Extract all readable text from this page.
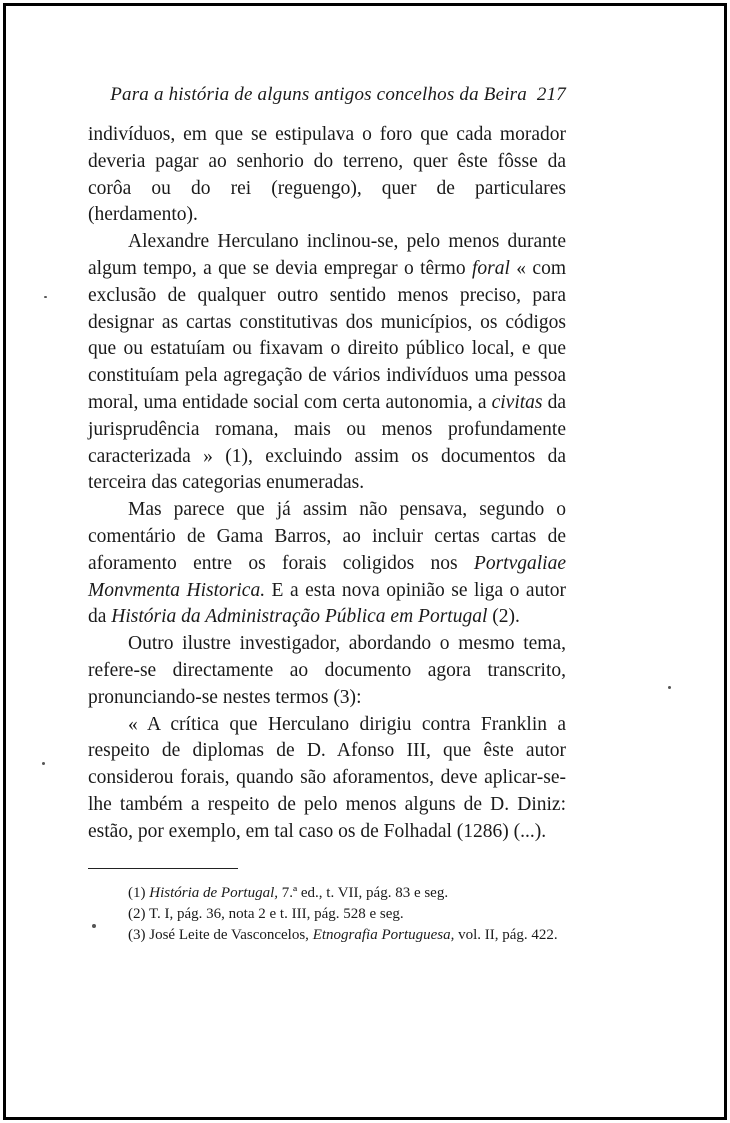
Para a história de alguns antigos concelhos da Beira 217

indivíduos, em que se estipulava o foro que cada morador deveria pagar ao senhorio do terreno, quer êste fôsse da corôa ou do rei (reguengo), quer de particulares (herdamento).

Alexandre Herculano inclinou-se, pelo menos durante algum tempo, a que se devia empregar o têrmo foral « com exclusão de qualquer outro sentido menos preciso, para designar as cartas constitutivas dos municípios, os códigos que ou estatuíam ou fixavam o direito público local, e que constituíam pela agregação de vários indivíduos uma pessoa moral, uma entidade social com certa autonomia, a civitas da jurisprudência romana, mais ou menos profundamente caracterizada » (1), excluindo assim os documentos da terceira das categorias enumeradas.

Mas parece que já assim não pensava, segundo o comentário de Gama Barros, ao incluir certas cartas de aforamento entre os forais coligidos nos Portvgaliae Monvmenta Historica. E a esta nova opinião se liga o autor da História da Administração Pública em Portugal (2).

Outro ilustre investigador, abordando o mesmo tema, refere-se directamente ao documento agora transcrito, pronunciando-se nestes termos (3):

« A crítica que Herculano dirigiu contra Franklin a respeito de diplomas de D. Afonso III, que êste autor considerou forais, quando são aforamentos, deve aplicar-se-lhe também a respeito de pelo menos alguns de D. Diniz: estão, por exemplo, em tal caso os de Folhadal (1286) (...).

(1) História de Portugal, 7.ª ed., t. VII, pág. 83 e seg.

(2) T. I, pág. 36, nota 2 e t. III, pág. 528 e seg.

(3) José Leite de Vasconcelos, Etnografia Portuguesa, vol. II, pág. 422.
